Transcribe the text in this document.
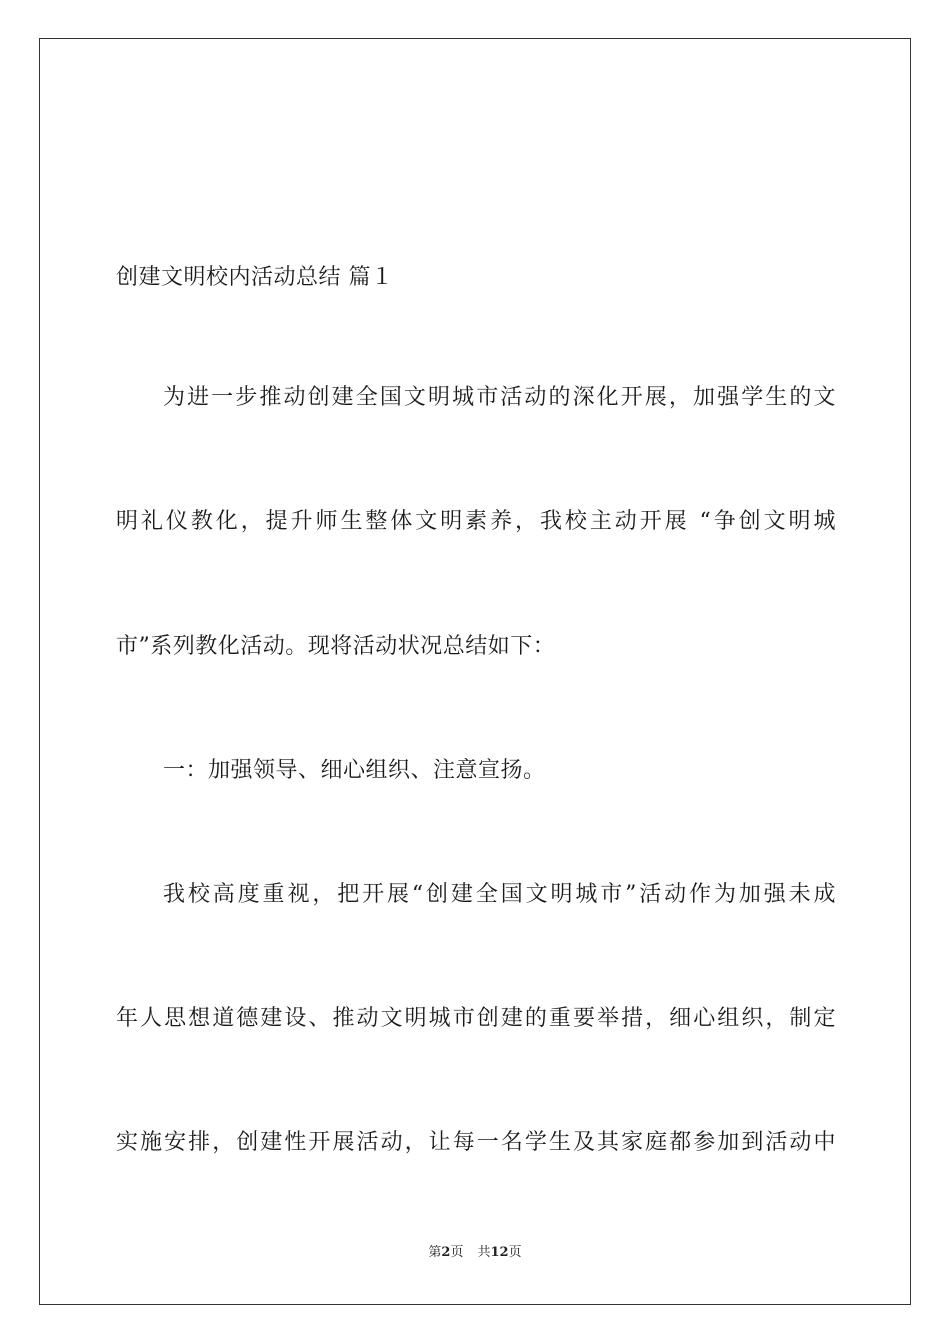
创建文明校内活动总结 篇１
为进一步推动创建全国文明城市活动的深化开展，加强学生的文
明礼仪教化，提升师生整体文明素养，我校主动开展 “争创文明城
市”系列教化活动。现将活动状况总结如下：
一：加强领导、细心组织、注意宣扬。
我校高度重视，把开展“创建全国文明城市”活动作为加强未成
年人思想道德建设、推动文明城市创建的重要举措，细心组织，制定
实施安排，创建性开展活动，让每一名学生及其家庭都参加到活动中
第2页 共12页
